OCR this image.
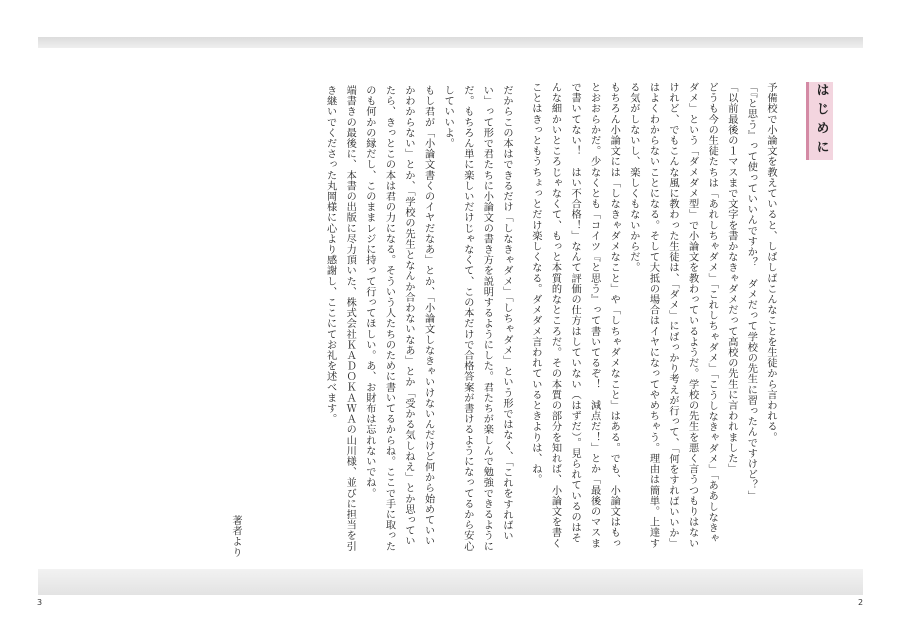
はじめに

予備校で小論文を教えていると、しばしばこんなことを生徒から言われる。

「『と思う』って使っていいんですか？　ダメだって学校の先生に習ったんですけど？」

「以前最後の１マスまで文字を書かなきゃダメだって高校の先生に言われました」

どうも今の生徒たちは「あれしちゃダメ」「これしちゃダメ」「こうしなきゃダメ」「ああしなきゃダメ」という「ダメダメ型」で小論文を教わっているようだ。学校の先生を悪く言うつもりはないけれど、でもこんな風に教わった生徒は、「ダメ」にばっかり考えが行って、「何をすればいいか」はよくわからないことになる。そして大抵の場合はイヤになってやめちゃう。理由は簡単。上達する気がしないし、楽しくもないからだ。

もちろん小論文には「しなきゃダメなこと」や「しちゃダメなこと」はある。でも、小論文はもっとおおらかだ。少なくとも「コイツ『と思う』って書いてるぞ！　減点だ！」とか「最後のマスまで書いてない！　はい不合格！」なんて評価の仕方はしていない（はずだ）。見られているのはそんな細かいところじゃなくて、もっと本質的なところだ。その本質の部分を知れば、小論文を書くことはきっともうちょっとだけ楽しくなる。ダメダメ言われているときよりは、ね。

だからこの本はできるだけ「しなきゃダメ」「しちゃダメ」という形ではなく、「これをすればいい」って形で君たちに小論文の書き方を説明するようにした。君たちが楽しんで勉強できるようにだ。もちろん単に楽しいだけじゃなくて、この本だけで合格答案が書けるようになってるから安心していいよ。

もし君が「小論文書くのイヤだなあ」とか、「小論文しなきゃいけないんだけど何から始めていいかわからない」とか、「学校の先生となんか合わないなあ」とか「受かる気しねえ」とか思っていたら、きっとこの本は君の力になる。そういう人たちのために書いてるからね。ここで手に取ったのも何かの縁だし、このままレジに持って行ってほしい。あ、お財布は忘れないでね。

端書きの最後に、本書の出版に尽力頂いた、株式会社ＫＡＤＯＫＡＷＡの山川様、並びに担当を引き継いでくださった丸岡様に心より感謝し、ここにてお礼を述べます。

著者より
3	2
